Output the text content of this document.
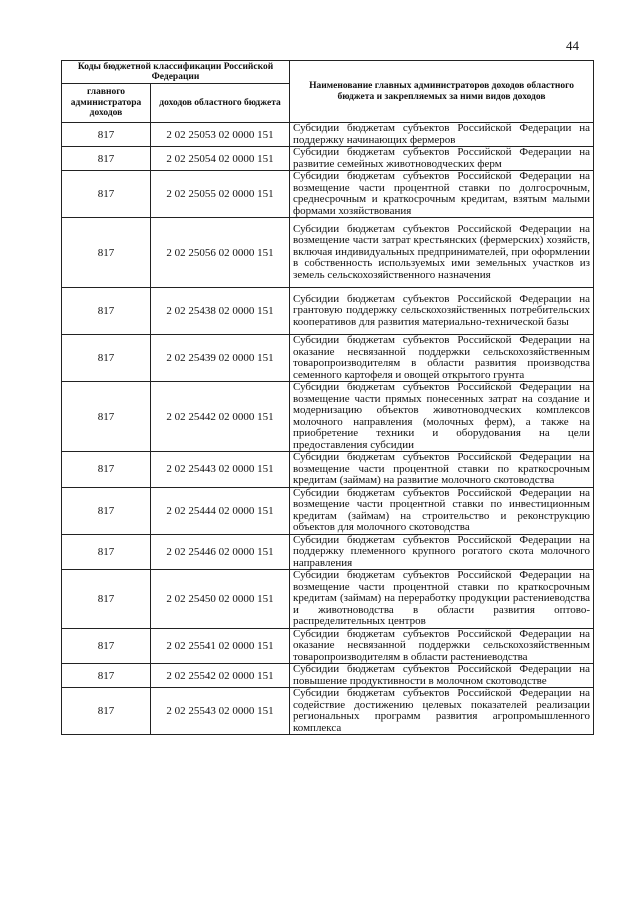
44
Коды бюджетной классификации Российской Федерации		Наименование главных администраторов доходов областного бюджета и закрепляемых за ними видов доходов
главного администратора доходов	доходов областного бюджета	
817	2 02 25053 02 0000 151	Субсидии бюджетам субъектов Российской Федерации на поддержку начинающих фермеров
817	2 02 25054 02 0000 151	Субсидии бюджетам субъектов Российской Федерации на развитие семейных животноводческих ферм
817	2 02 25055 02 0000 151	Субсидии бюджетам субъектов Российской Федерации на возмещение части процентной ставки по долгосрочным, среднесрочным и краткосрочным кредитам, взятым малыми формами хозяйствования
817	2 02 25056 02 0000 151	Субсидии бюджетам субъектов Российской Федерации на возмещение части затрат крестьянских (фермерских) хозяйств, включая индивидуальных предпринимателей, при оформлении в собственность используемых ими земельных участков из земель сельскохозяйственного назначения
817	2 02 25438 02 0000 151	Субсидии бюджетам субъектов Российской Федерации на грантовую поддержку сельскохозяйственных потребительских кооперативов для развития материально-технической базы
817	2 02 25439 02 0000 151	Субсидии бюджетам субъектов Российской Федерации на оказание несвязанной поддержки сельскохозяйственным товаропроизводителям в области развития производства семенного картофеля и овощей открытого грунта
817	2 02 25442 02 0000 151	Субсидии бюджетам субъектов Российской Федерации на возмещение части прямых понесенных затрат на создание и модернизацию объектов животноводческих комплексов молочного направления (молочных ферм), а также на приобретение техники и оборудования на цели предоставления субсидии
817	2 02 25443 02 0000 151	Субсидии бюджетам субъектов Российской Федерации на возмещение части процентной ставки по краткосрочным кредитам (займам) на развитие молочного скотоводства
817	2 02 25444 02 0000 151	Субсидии бюджетам субъектов Российской Федерации на возмещение части процентной ставки по инвестиционным кредитам (займам) на строительство и реконструкцию объектов для молочного скотоводства
817	2 02 25446 02 0000 151	Субсидии бюджетам субъектов Российской Федерации на поддержку племенного крупного рогатого скота молочного направления
817	2 02 25450 02 0000 151	Субсидии бюджетам субъектов Российской Федерации на возмещение части процентной ставки по краткосрочным кредитам (займам) на переработку продукции растениеводства и животноводства в области развития оптово-распределительных центров
817	2 02 25541 02 0000 151	Субсидии бюджетам субъектов Российской Федерации на оказание несвязанной поддержки сельскохозяйственным товаропроизводителям в области растениеводства
817	2 02 25542 02 0000 151	Субсидии бюджетам субъектов Российской Федерации на повышение продуктивности в молочном скотоводстве
817	2 02 25543 02 0000 151	Субсидии бюджетам субъектов Российской Федерации на содействие достижению целевых показателей реализации региональных программ развития агропромышленного комплекса
